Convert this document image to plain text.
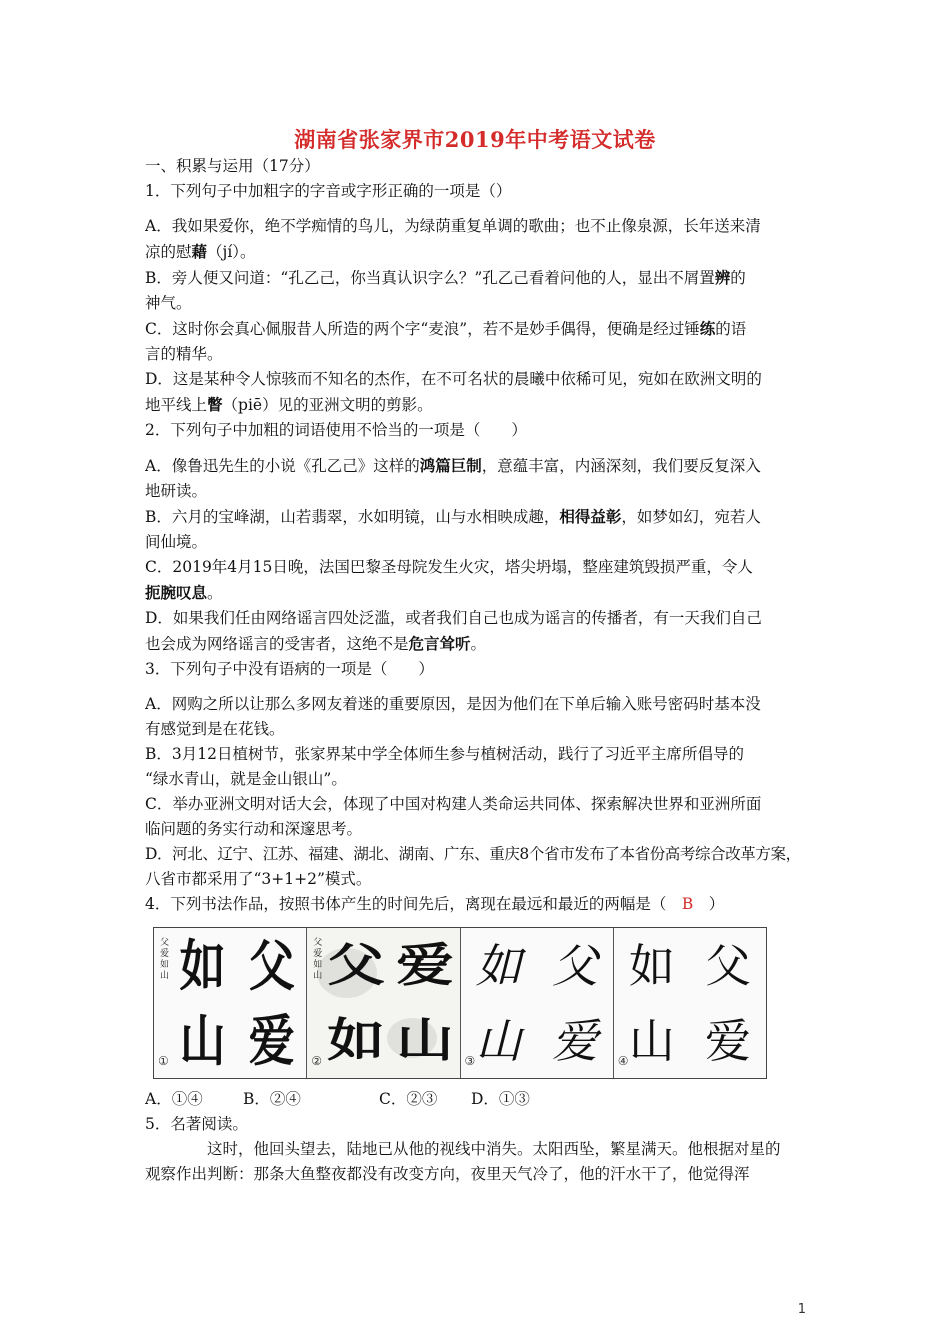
湖南省张家界市2019年中考语文试卷
一、积累与运用（17分）
1．下列句子中加粗字的字音或字形正确的一项是（）
A．我如果爱你，绝不学痴情的鸟儿，为绿荫重复单调的歌曲；也不止像泉源，长年送来清
凉的慰藉（jí）。
B．旁人便又问道：“孔乙己，你当真认识字么？”孔乙己看着问他的人，显出不屑置辨的
神气。
C．这时你会真心佩服昔人所造的两个字“麦浪”，若不是妙手偶得，便确是经过锤练的语
言的精华。
D．这是某种令人惊骇而不知名的杰作，在不可名状的晨曦中依稀可见，宛如在欧洲文明的
地平线上瞥（piē）见的亚洲文明的剪影。
2．下列句子中加粗的词语使用不恰当的一项是（　　）
A．像鲁迅先生的小说《孔乙己》这样的鸿篇巨制，意蕴丰富，内涵深刻，我们要反复深入
地研读。
B．六月的宝峰湖，山若翡翠，水如明镜，山与水相映成趣，相得益彰，如梦如幻，宛若人
间仙境。
C．2019年4月15日晚，法国巴黎圣母院发生火灾，塔尖坍塌，整座建筑毁损严重，令人
扼腕叹息。
D．如果我们任由网络谣言四处泛滥，或者我们自己也成为谣言的传播者，有一天我们自己
也会成为网络谣言的受害者，这绝不是危言耸听。
3．下列句子中没有语病的一项是（　　）
A．网购之所以让那么多网友着迷的重要原因，是因为他们在下单后输入账号密码时基本没
有感觉到是在花钱。
B．3月12日植树节，张家界某中学全体师生参与植树活动，践行了习近平主席所倡导的
“绿水青山，就是金山银山”。
C．举办亚洲文明对话大会，体现了中国对构建人类命运共同体、探索解决世界和亚洲所面
临问题的务实行动和深邃思考。
D．河北、辽宁、江苏、福建、湖北、湖南、广东、重庆8个省市发布了本省份高考综合改革方案，
八省市都采用了“3+1+2”模式。
4．下列书法作品，按照书体产生的时间先后，离现在最远和最近的两幅是（　B　）
父爱如山 如 父
山 爱
①
父爱如山 父 爱
如 山
②
如 父
山 爱
③
如 父
山 爱
④
A．①④	B．②④	C．②③	D．①③
5．名著阅读。
这时，他回头望去，陆地已从他的视线中消失。太阳西坠，繁星满天。他根据对星的
观察作出判断：那条大鱼整夜都没有改变方向，夜里天气冷了，他的汗水干了，他觉得浑
1
